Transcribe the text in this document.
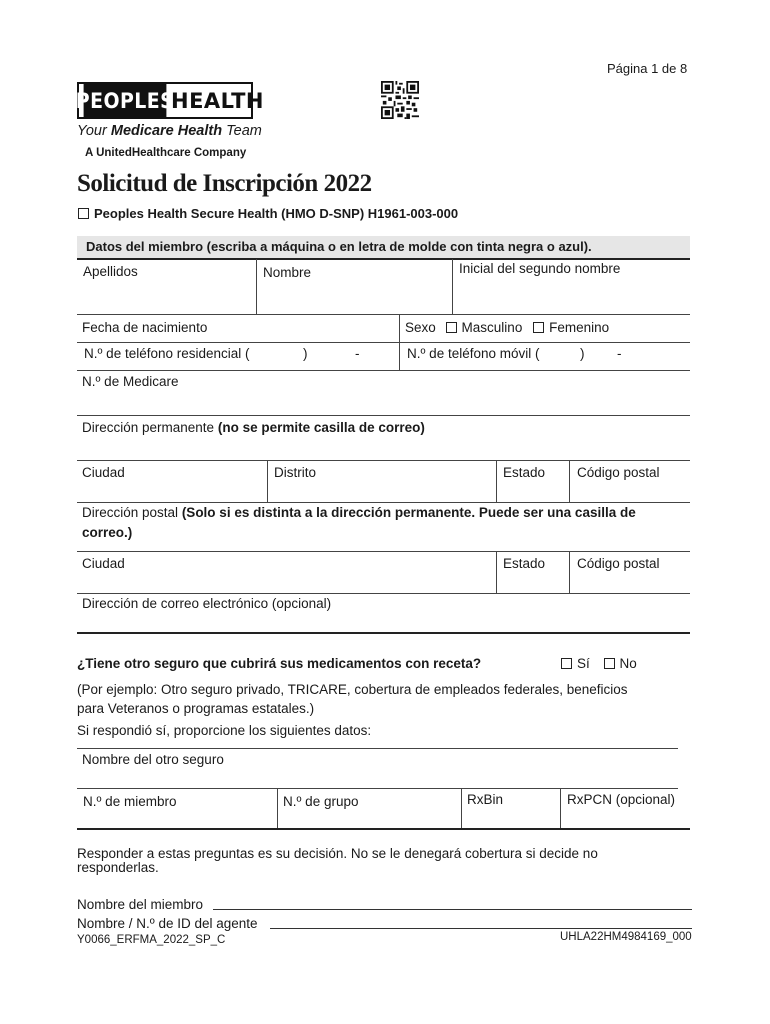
Página 1 de 8
PEOPLES
HEALTH
Your Medicare Health Team
A UnitedHealthcare Company
Solicitud de Inscripción 2022
Peoples Health Secure Health (HMO D-SNP) H1961-003-000
Datos del miembro (escriba a máquina o en letra de molde con tinta negra o azul).
Apellidos	Nombre	Inicial del segundo nombre
Fecha de nacimiento	Sexo Masculino Femenino
N.º de teléfono residencial (	)	-	N.º de teléfono móvil (	) -
N.º de Medicare
Dirección permanente (no se permite casilla de correo)
Ciudad	Distrito	Estado Código postal
Dirección postal (Solo si es distinta a la dirección permanente. Puede ser una casilla de
correo.)
Ciudad	Estado Código postal
Dirección de correo electrónico (opcional)
¿Tiene otro seguro que cubrirá sus medicamentos con receta?	Sí No
(Por ejemplo: Otro seguro privado, TRICARE, cobertura de empleados federales, beneficios
para Veteranos o programas estatales.)
Si respondió sí, proporcione los siguientes datos:
Nombre del otro seguro
N.º de miembro	N.º de grupo	RxBin	RxPCN (opcional)
Responder a estas preguntas es su decisión. No se le denegará cobertura si decide no
responderlas.
Nombre del miembro
Nombre / N.º de ID del agente
Y0066_ERFMA_2022_SP_C	UHLA22HM4984169_000
